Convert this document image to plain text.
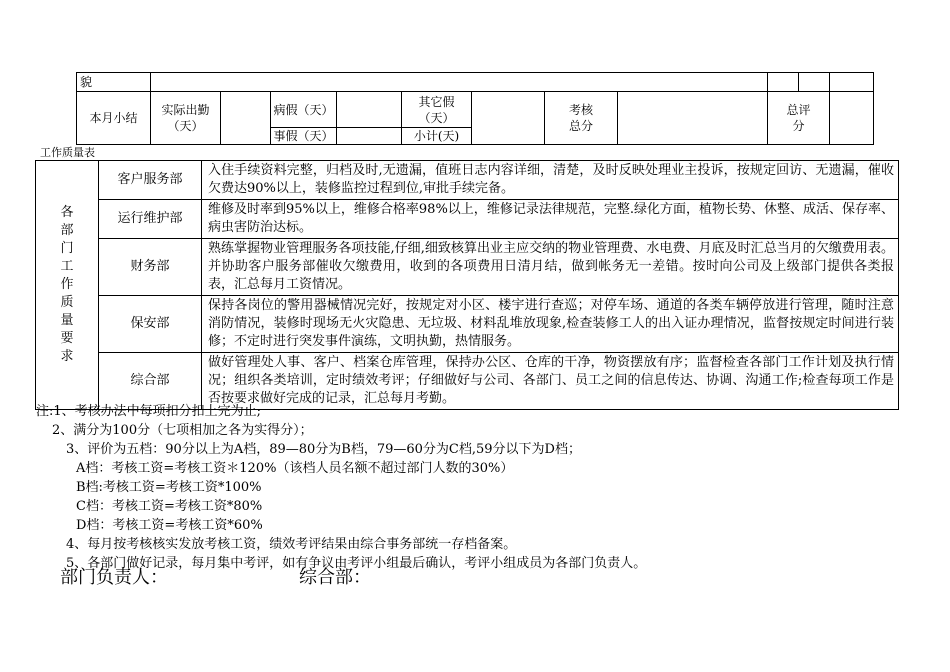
貌											
本月小结	实际出勤（天）		病假（天）		其它假（天）		考核总分		总评分		

			事假（天）		小计(天)						
工作质量表
各部门工作质量要求	客户服务部	入住手续资料完整，归档及时,无遗漏，值班日志内容详细，清楚，及时反映处理业主投诉，按规定回访、无遗漏，催收欠费达90%以上，装修监控过程到位,审批手续完备。
	运行维护部	维修及时率到95%以上，维修合格率98%以上，维修记录法律规范，完整.绿化方面，植物长势、休整、成活、保存率、病虫害防治达标。
	财务部	熟练掌握物业管理服务各项技能,仔细,细致核算出业主应交纳的物业管理费、水电费、月底及时汇总当月的欠缴费用表。并协助客户服务部催收欠缴费用，收到的各项费用日清月结，做到帐务无一差错。按时向公司及上级部门提供各类报表，汇总每月工资情况。
	保安部	保持各岗位的警用器械情况完好，按规定对小区、楼宇进行查巡；对停车场、通道的各类车辆停放进行管理，随时注意消防情况，装修时现场无火灾隐患、无垃圾、材料乱堆放现象,检查装修工人的出入证办理情况，监督按规定时间进行装修；不定时进行突发事件演练，文明执勤，热情服务。
	综合部	做好管理处人事、客户、档案仓库管理，保持办公区、仓库的干净，物资摆放有序；监督检查各部门工作计划及执行情况；组织各类培训，定时绩效考评；仔细做好与公司、各部门、员工之间的信息传达、协调、沟通工作;检查每项工作是否按要求做好完成的记录，汇总每月考勤。
注:1、考核办法中每项扣分扣上完为止;
2、满分为100分（七项相加之各为实得分）；
3、评价为五档：90分以上为A档，89—80分为B档，79—60分为C档,59分以下为D档；
A档：考核工资=考核工资＊120%（该档人员名额不超过部门人数的30%）
B档:考核工资=考核工资*100%
C档：考核工资=考核工资*80%
D档：考核工资=考核工资*60%
4、每月按考核核实发放考核工资，绩效考评结果由综合事务部统一存档备案。
5、各部门做好记录，每月集中考评，如有争议由考评小组最后确认，考评小组成员为各部门负责人。
部门负责人：	综合部：
